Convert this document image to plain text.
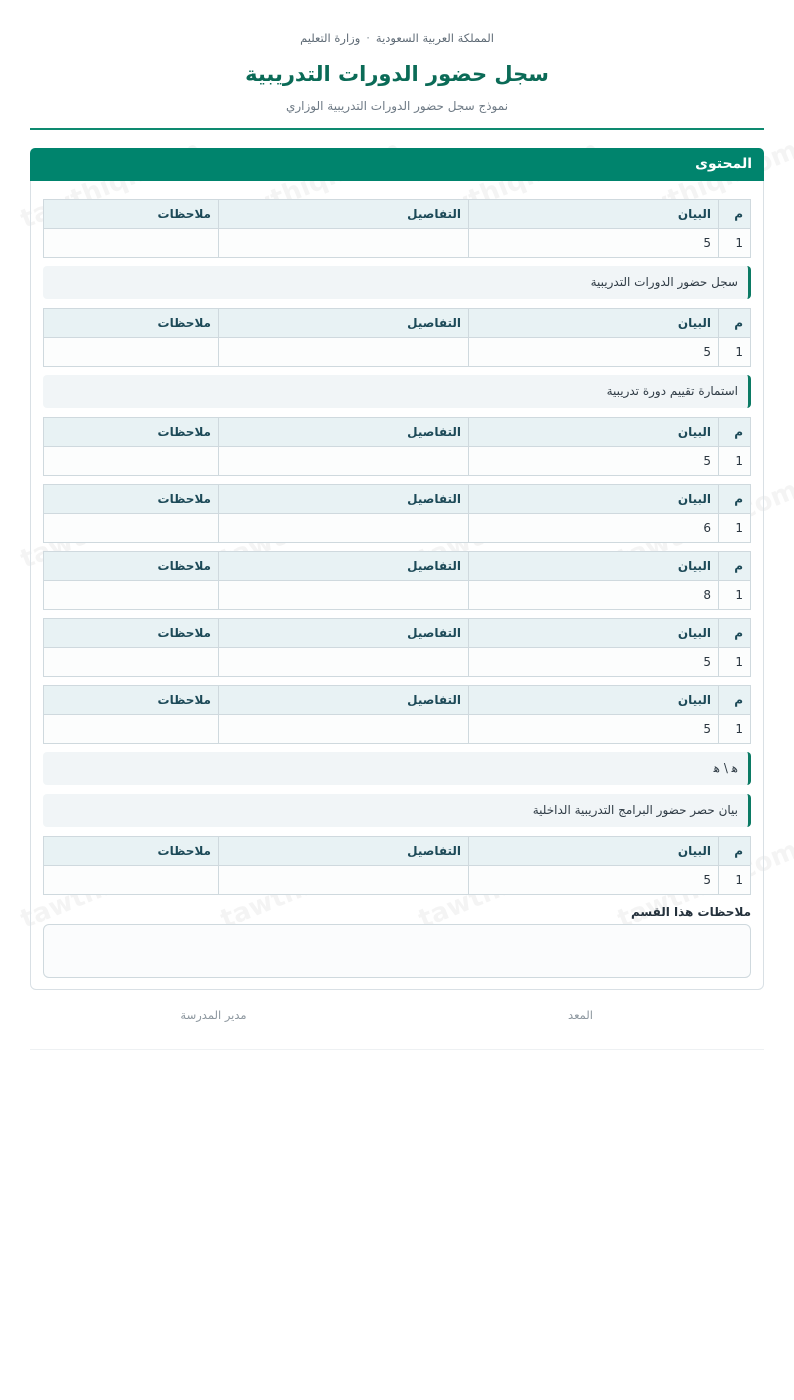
المملكة العربية السعودية·وزارة التعليم
سجل حضور الدورات التدريبية
نموذج سجل حضور الدورات التدريبية الوزاري
المحتوى
م	البيان	التفاصيل	ملاحظات
1	5		
سجل حضور الدورات التدريبية
م	البيان	التفاصيل	ملاحظات
1	5		
استمارة تقييم دورة تدريبية
م	البيان	التفاصيل	ملاحظات
1	5		
م	البيان	التفاصيل	ملاحظات
1	6		
م	البيان	التفاصيل	ملاحظات
1	8		
م	البيان	التفاصيل	ملاحظات
1	5		
م	البيان	التفاصيل	ملاحظات
1	5		
ﮬ \ ﮬ
بيان حصر حضور البرامج التدريبية الداخلية
م	البيان	التفاصيل	ملاحظات
1	5		
ملاحظات هذا القسم
المعد
مدير المدرسة
